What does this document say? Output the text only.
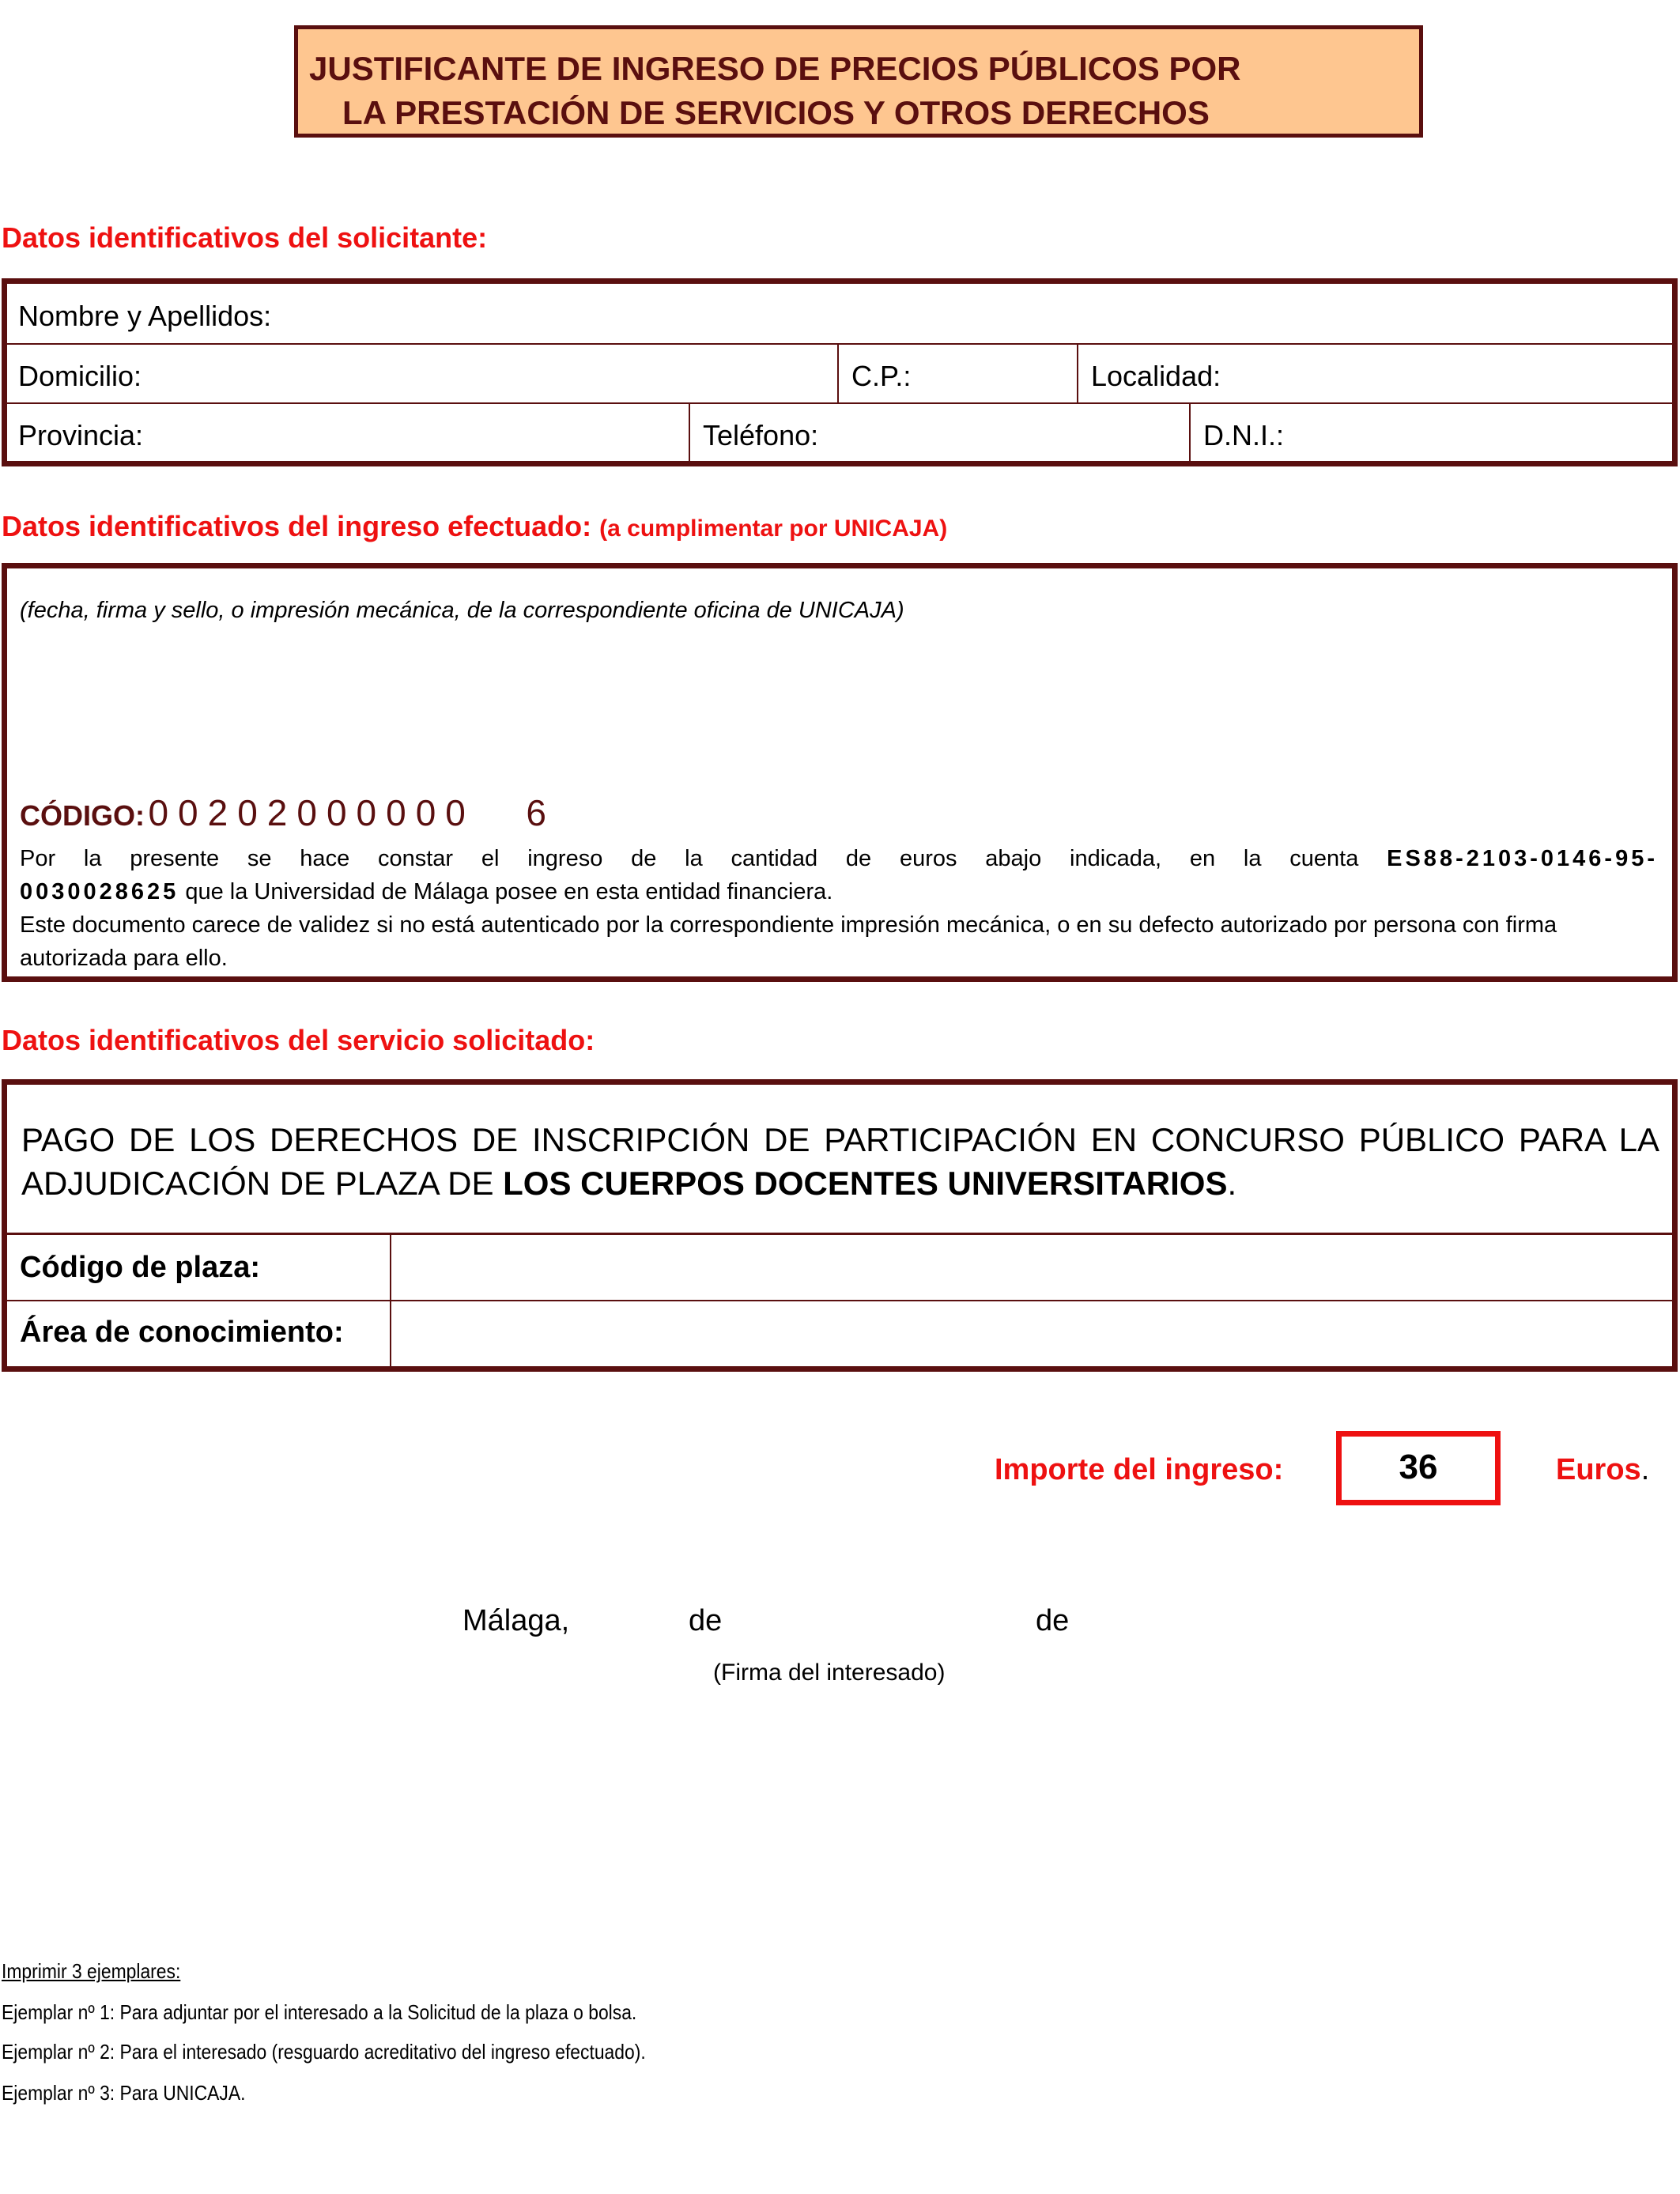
JUSTIFICANTE DE INGRESO DE PRECIOS PÚBLICOS POR
LA PRESTACIÓN DE SERVICIOS Y OTROS DERECHOS
Datos identificativos del solicitante:
Nombre y Apellidos:
Domicilio:	C.P.:	Localidad:
Provincia:	Teléfono:	D.N.I.:
Datos identificativos del ingreso efectuado: (a cumplimentar por UNICAJA)
(fecha, firma y sello, o impresión mecánica, de la correspondiente oficina de UNICAJA)
CÓDIGO: 00202000000 6
Por la presente se hace constar el ingreso de la cantidad de euros abajo indicada, en la cuenta ES88-2103-0146-95-
0030028625 que la Universidad de Málaga posee en esta entidad financiera.
Este documento carece de validez si no está autenticado por la correspondiente impresión mecánica, o en su defecto autorizado por persona con firma autorizada para ello.
Datos identificativos del servicio solicitado:
PAGO DE LOS DERECHOS DE INSCRIPCIÓN DE PARTICIPACIÓN EN CONCURSO PÚBLICO PARA LA ADJUDICACIÓN DE PLAZA DE LOS CUERPOS DOCENTES UNIVERSITARIOS.
Código de plaza:
Área de conocimiento:
Importe del ingreso:	36	Euros.
Málaga,	de	de
(Firma del interesado)
Imprimir 3 ejemplares:
Ejemplar nº 1: Para adjuntar por el interesado a la Solicitud de la plaza o bolsa.
Ejemplar nº 2: Para el interesado (resguardo acreditativo del ingreso efectuado).
Ejemplar nº 3: Para UNICAJA.
